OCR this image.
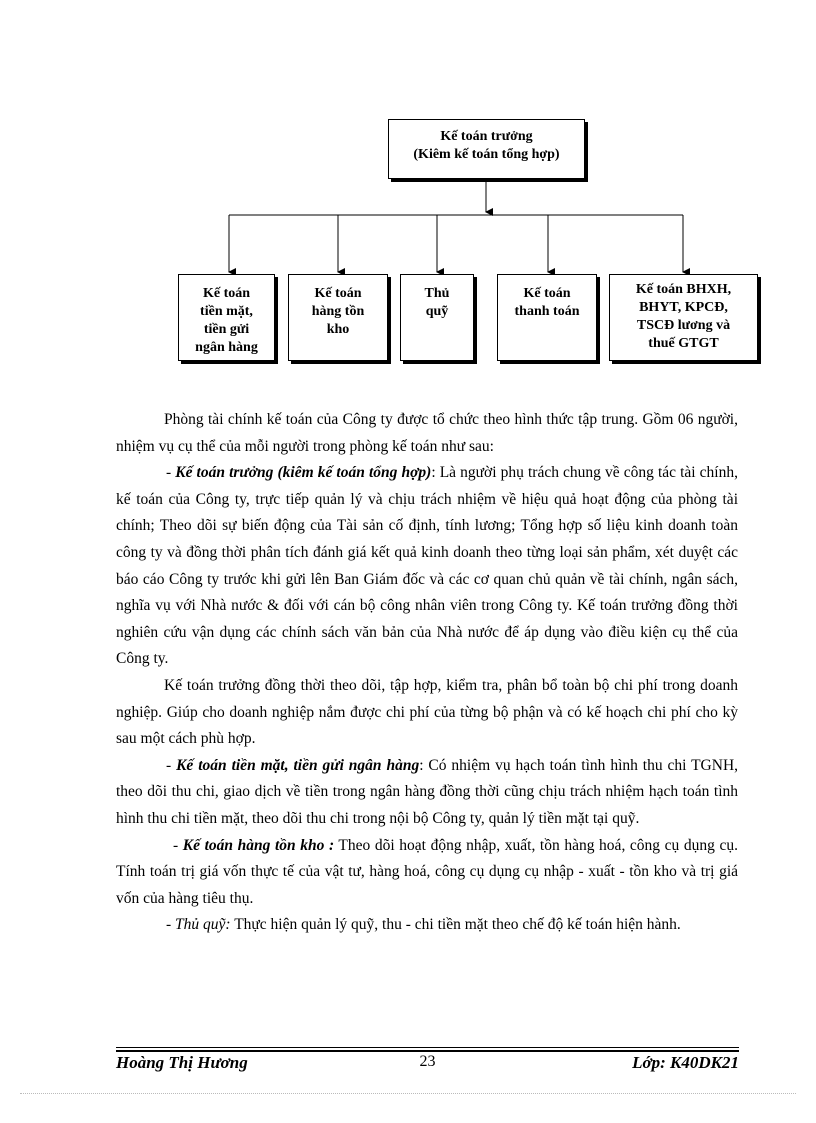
Kế toán trưởng
(Kiêm kế toán tổng hợp)
Kế toán
tiền mặt,
tiền gửi
ngân hàng
Kế toán
hàng tồn
kho
Thủ
quỹ
Kế toán
thanh toán
Kế toán BHXH,
BHYT, KPCĐ,
TSCĐ lương và
thuế GTGT

Phòng tài chính kế toán của Công ty được tổ chức theo hình thức tập trung. Gồm 06 người, nhiệm vụ cụ thể của mỗi người trong phòng kế toán như sau:

- Kế toán trưởng (kiêm kế toán tổng hợp): Là người phụ trách chung về công tác tài chính, kế toán của Công ty, trực tiếp quản lý và chịu trách nhiệm về hiệu quả hoạt động của phòng tài chính; Theo dõi sự biến động của Tài sản cố định, tính lương; Tổng hợp số liệu kinh doanh toàn công ty và đồng thời phân tích đánh giá kết quả kinh doanh theo từng loại sản phẩm, xét duyệt các báo cáo Công ty trước khi gửi lên Ban Giám đốc và các cơ quan chủ quản về tài chính, ngân sách, nghĩa vụ với Nhà nước & đối với cán bộ công nhân viên trong Công ty. Kế toán trưởng đồng thời nghiên cứu vận dụng các chính sách văn bản của Nhà nước để áp dụng vào điều kiện cụ thể của Công ty.

Kế toán trưởng đồng thời theo dõi, tập hợp, kiểm tra, phân bổ toàn bộ chi phí trong doanh nghiệp. Giúp cho doanh nghiệp nắm được chi phí của từng bộ phận và có kế hoạch chi phí cho kỳ sau một cách phù hợp.

- Kế toán tiền mặt, tiền gửi ngân hàng: Có nhiệm vụ hạch toán tình hình thu chi TGNH, theo dõi thu chi, giao dịch về tiền trong ngân hàng đồng thời cũng chịu trách nhiệm hạch toán tình hình thu chi tiền mặt, theo dõi thu chi trong nội bộ Công ty, quản lý tiền mặt tại quỹ.

- Kế toán hàng tồn kho : Theo dõi hoạt động nhập, xuất, tồn hàng hoá, công cụ dụng cụ. Tính toán trị giá vốn thực tế của vật tư, hàng hoá, công cụ dụng cụ nhập - xuất - tồn kho và trị giá vốn của hàng tiêu thụ.

- Thủ quỹ: Thực hiện quản lý quỹ, thu - chi tiền mặt theo chế độ kế toán hiện hành.

Hoàng Thị Hương	23	Lớp: K40DK21
